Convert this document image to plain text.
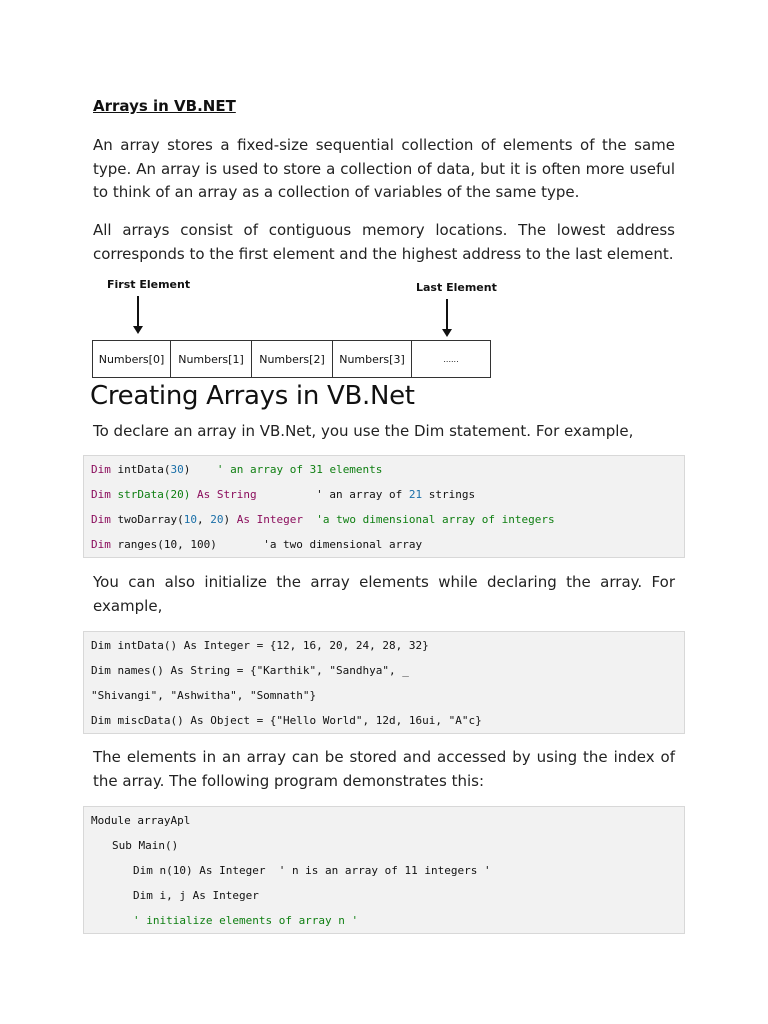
Arrays in VB.NET

An array stores a fixed-size sequential collection of elements of the same type. An array is used to store a collection of data, but it is often more useful to think of an array as a collection of variables of the same type.

All arrays consist of contiguous memory locations. The lowest address corresponds to the first element and the highest address to the last element.

First Element	Last Element
Numbers[0]	Numbers[1]	Numbers[2]	Numbers[3]	......
Creating Arrays in VB.Net

To declare an array in VB.Net, you use the Dim statement. For example,

Dim intData(30)    ' an array of 31 elements
Dim strData(20) As String         ' an array of 21 strings
Dim twoDarray(10, 20) As Integer  'a two dimensional array of integers
Dim ranges(10, 100)       'a two dimensional array

You can also initialize the array elements while declaring the array. For example,

Dim intData() As Integer = {12, 16, 20, 24, 28, 32}
Dim names() As String = {"Karthik", "Sandhya", _
"Shivangi", "Ashwitha", "Somnath"}
Dim miscData() As Object = {"Hello World", 12d, 16ui, "A"c}

The elements in an array can be stored and accessed by using the index of the array. The following program demonstrates this:

Module arrayApl
Sub Main()
Dim n(10) As Integer  ' n is an array of 11 integers '
Dim i, j As Integer
' initialize elements of array n '
